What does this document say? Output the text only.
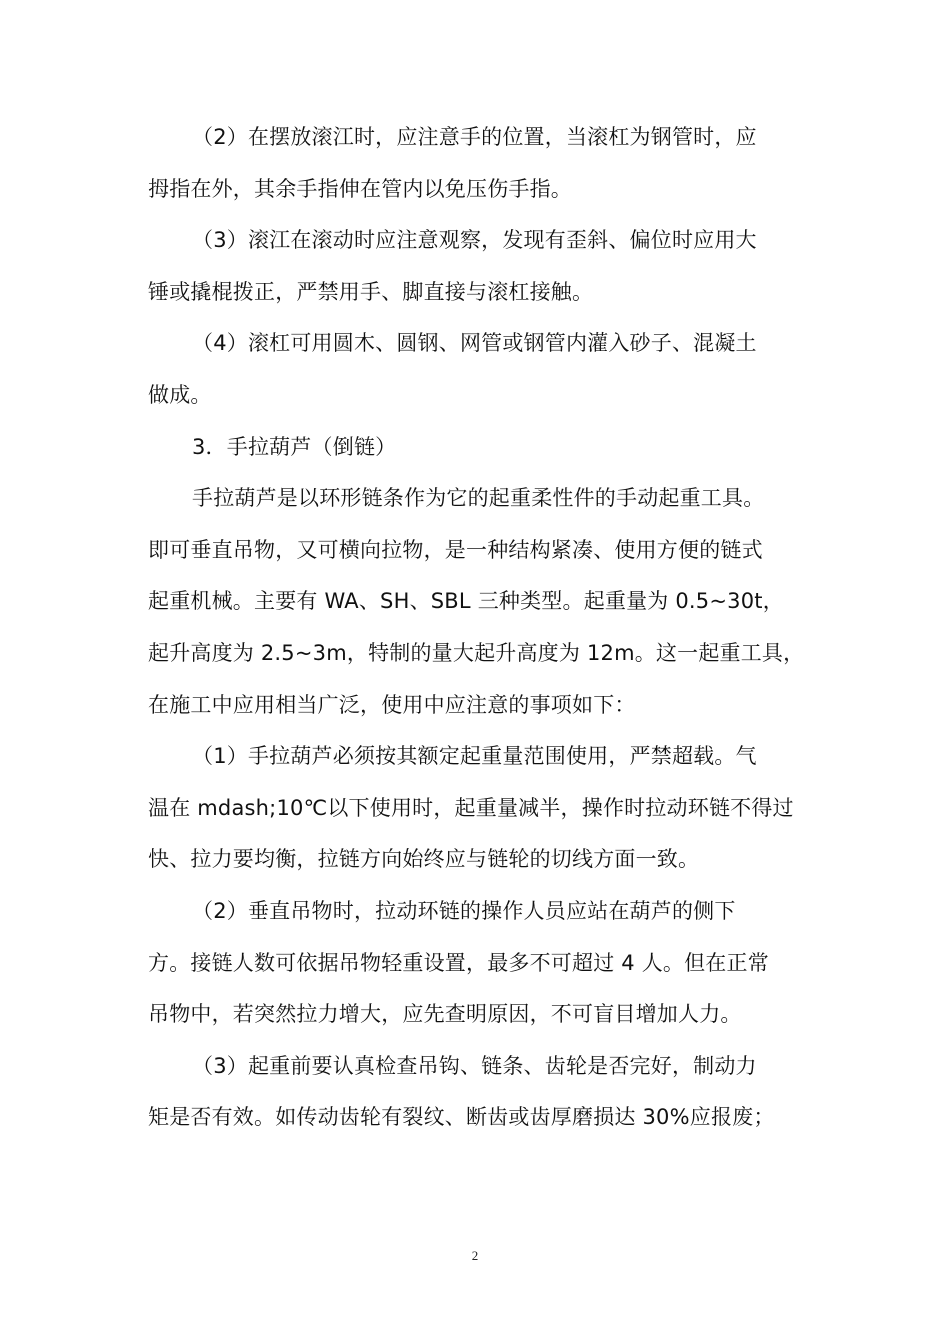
（2）在摆放滚江时，应注意手的位置，当滚杠为钢管时，应
拇指在外，其余手指伸在管内以免压伤手指。
（3）滚江在滚动时应注意观察，发现有歪斜、偏位时应用大
锤或撬棍拨正，严禁用手、脚直接与滚杠接触。
（4）滚杠可用圆木、圆钢、网管或钢管内灌入砂子、混凝土
做成。
3．手拉葫芦（倒链）
手拉葫芦是以环形链条作为它的起重柔性件的手动起重工具。
即可垂直吊物，又可横向拉物，是一种结构紧凑、使用方便的链式
起重机械。主要有 WA、SH、SBL 三种类型。起重量为 0.5~30t，
起升高度为 2.5~3m，特制的量大起升高度为 12m。这一起重工具，
在施工中应用相当广泛，使用中应注意的事项如下：
（1）手拉葫芦必须按其额定起重量范围使用，严禁超载。气
温在 mdash;10℃以下使用时，起重量减半，操作时拉动环链不得过
快、拉力要均衡，拉链方向始终应与链轮的切线方面一致。
（2）垂直吊物时，拉动环链的操作人员应站在葫芦的侧下
方。接链人数可依据吊物轻重设置，最多不可超过 4 人。但在正常
吊物中，若突然拉力增大，应先查明原因，不可盲目增加人力。
（3）起重前要认真检查吊钩、链条、齿轮是否完好，制动力
矩是否有效。如传动齿轮有裂纹、断齿或齿厚磨损达 30%应报废；
2
